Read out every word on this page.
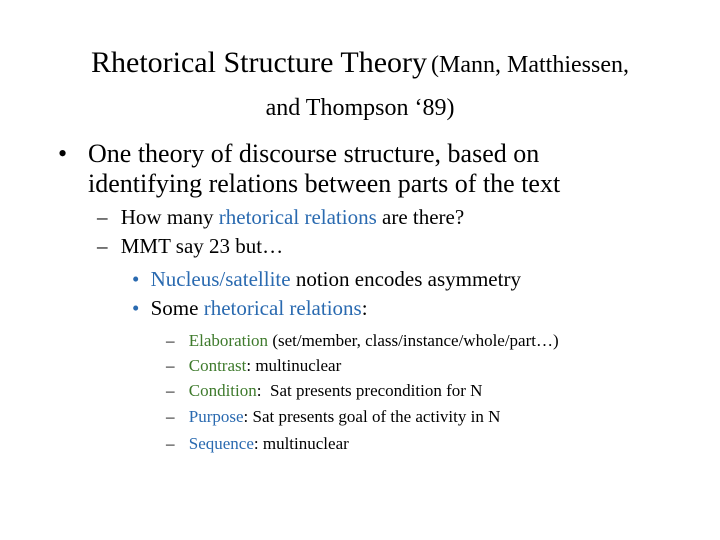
Rhetorical Structure Theory (Mann, Matthiessen,
and Thompson ‘89)
• One theory of discourse structure, based on
identifying relations between parts of the text
– How many rhetorical relations are there?
– MMT say 23 but…
• Nucleus/satellite notion encodes asymmetry
• Some rhetorical relations:
– Elaboration (set/member, class/instance/whole/part…)
– Contrast: multinuclear
– Condition:  Sat presents precondition for N
– Purpose: Sat presents goal of the activity in N
– Sequence: multinuclear
